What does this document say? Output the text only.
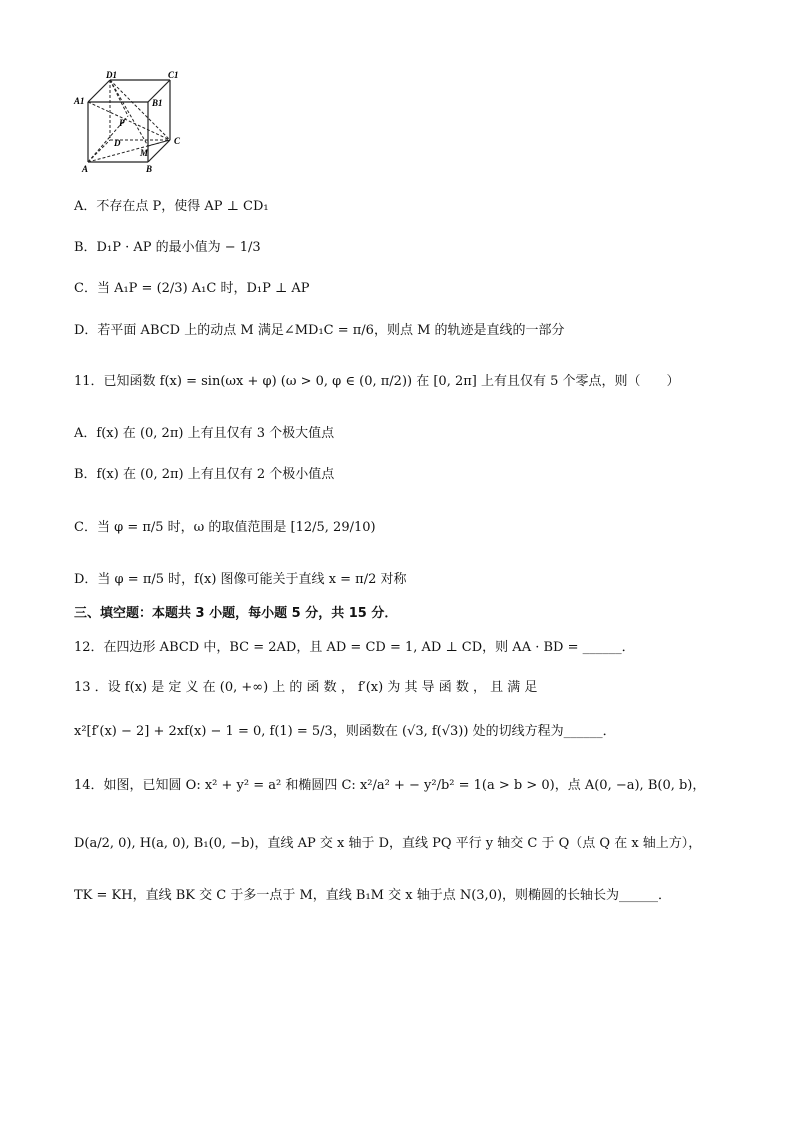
D1	C1
A1	B1
P
D
M
C
A	B
A．不存在点 P，使得 AP ⊥ CD₁
B．D₁P · AP 的最小值为 − 1/3
C．当 A₁P = (2/3) A₁C 时，D₁P ⊥ AP
D．若平面 ABCD 上的动点 M 满足∠MD₁C = π/6，则点 M 的轨迹是直线的一部分
11．已知函数 f(x) = sin(ωx + φ) (ω > 0, φ ∈ (0, π/2)) 在 [0, 2π] 上有且仅有 5 个零点，则（　　）
A．f(x) 在 (0, 2π) 上有且仅有 3 个极大值点
B．f(x) 在 (0, 2π) 上有且仅有 2 个极小值点
C．当 φ = π/5 时，ω 的取值范围是 [12/5, 29/10)
D．当 φ = π/5 时，f(x) 图像可能关于直线 x = π/2 对称
三、填空题：本题共 3 小题，每小题 5 分，共 15 分．
12．在四边形 ABCD 中，BC = 2AD，且 AD = CD = 1, AD ⊥ CD，则 AA · BD = ______．
13 ．设 f(x) 是 定 义 在 (0, +∞) 上 的 函 数 ， f′(x) 为 其 导 函 数 ， 且 满 足
x²[f′(x) − 2] + 2xf(x) − 1 = 0, f(1) = 5/3，则函数在 (√3, f(√3)) 处的切线方程为______．
14．如图，已知圆 O: x² + y² = a² 和椭圆四 C: x²/a² + − y²/b² = 1(a > b > 0)，点 A(0, −a), B(0, b)，
D(a/2, 0), H(a, 0), B₁(0, −b)，直线 AP 交 x 轴于 D，直线 PQ 平行 y 轴交 C 于 Q（点 Q 在 x 轴上方），
TK = KH，直线 BK 交 C 于多一点于 M，直线 B₁M 交 x 轴于点 N(3,0)，则椭圆的长轴长为______．
